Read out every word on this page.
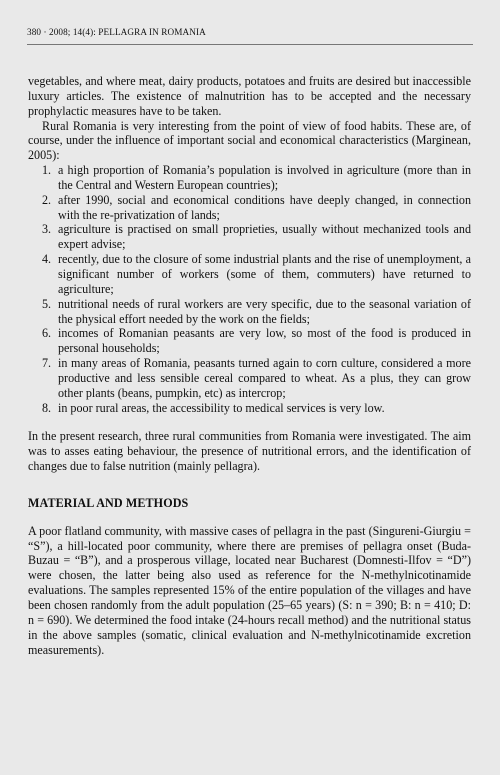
380 · 2008; 14(4): PELLAGRA IN ROMANIA

vegetables, and where meat, dairy products, potatoes and fruits are desired but inaccessible luxury articles. The existence of malnutrition has to be accepted and the necessary prophylactic measures have to be taken.

Rural Romania is very interesting from the point of view of food habits. These are, of course, under the influence of important social and economical characteristics (Marginean, 2005):

1. a high proportion of Romania’s population is involved in agriculture (more than in the Central and Western European countries);
2. after 1990, social and economical conditions have deeply changed, in connection with the re-privatization of lands;
3. agriculture is practised on small proprieties, usually without mechanized tools and expert advise;
4. recently, due to the closure of some industrial plants and the rise of unemployment, a significant number of workers (some of them, commuters) have returned to agriculture;
5. nutritional needs of rural workers are very specific, due to the seasonal variation of the physical effort needed by the work on the fields;
6. incomes of Romanian peasants are very low, so most of the food is produced in personal households;
7. in many areas of Romania, peasants turned again to corn culture, considered a more productive and less sensible cereal compared to wheat. As a plus, they can grow other plants (beans, pumpkin, etc) as intercrop;
8. in poor rural areas, the accessibility to medical services is very low.

In the present research, three rural communities from Romania were investigated. The aim was to asses eating behaviour, the presence of nutritional errors, and the identification of changes due to false nutrition (mainly pellagra).

MATERIAL AND METHODS

A poor flatland community, with massive cases of pellagra in the past (Singureni-Giurgiu = “S”), a hill-located poor community, where there are premises of pellagra onset (Buda-Buzau = “B”), and a prosperous village, located near Bucharest (Domnesti-Ilfov = “D”) were chosen, the latter being also used as reference for the N-methylnicotinamide evaluations. The samples represented 15% of the entire population of the villages and have been chosen randomly from the adult population (25–65 years) (S: n = 390; B: n = 410; D: n = 690). We determined the food intake (24-hours recall method) and the nutritional status in the above samples (somatic, clinical evaluation and N-methylnicotinamide excretion measurements).
